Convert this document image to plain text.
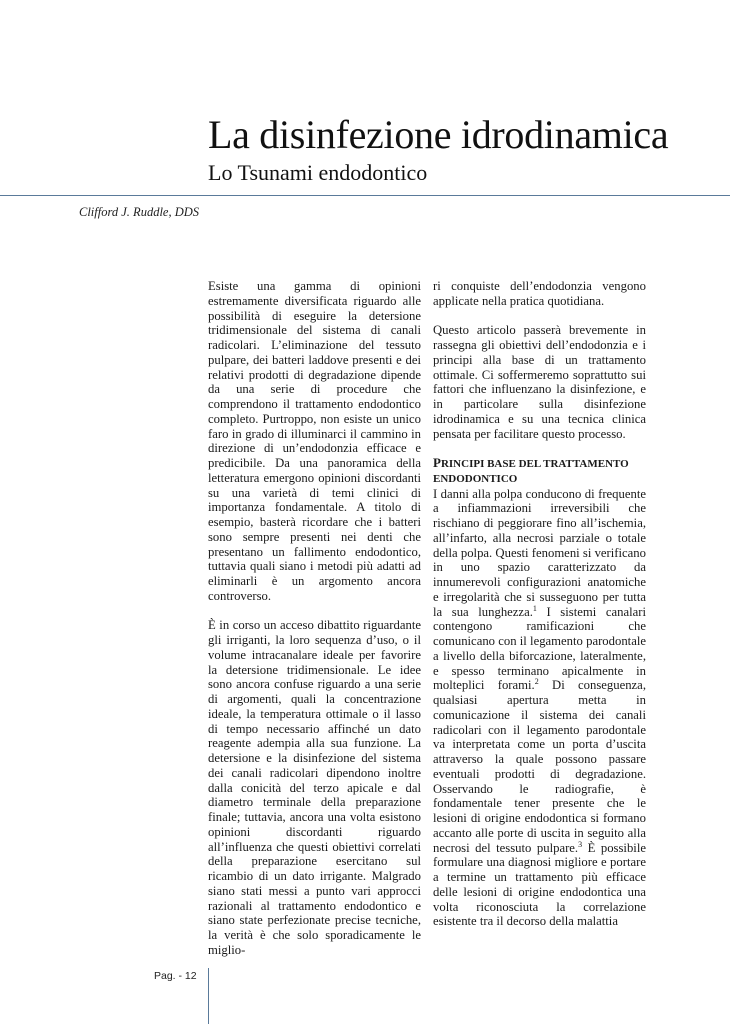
La disinfezione idrodinamica
Lo Tsunami endodontico
Clifford J. Ruddle, DDS

Esiste una gamma di opinioni estremamente diversificata riguardo alle possibilità di eseguire la detersione tridimensionale del sistema di canali radicolari. L’eliminazione del tessuto pulpare, dei batteri laddove presenti e dei relativi prodotti di degradazione dipende da una serie di procedure che comprendono il trattamento endodontico completo. Purtroppo, non esiste un unico faro in grado di illuminarci il cammino in direzione di un’endodonzia efficace e predicibile. Da una panoramica della letteratura emergono opinioni discordanti su una varietà di temi clinici di importanza fondamentale. A titolo di esempio, basterà ricordare che i batteri sono sempre presenti nei denti che presentano un fallimento endodontico, tuttavia quali siano i metodi più adatti ad eliminarli è un argomento ancora controverso.

È in corso un acceso dibattito riguardante gli irriganti, la loro sequenza d’uso, o il volume intracanalare ideale per favorire la detersione tridimensionale. Le idee sono ancora confuse riguardo a una serie di argomenti, quali la concentrazione ideale, la temperatura ottimale o il lasso di tempo necessario affinché un dato reagente adempia alla sua funzione. La detersione e la disinfezione del sistema dei canali radicolari dipendono inoltre dalla conicità del terzo apicale e dal diametro terminale della preparazione finale; tuttavia, ancora una volta esistono opinioni discordanti riguardo all’influenza che questi obiettivi correlati della preparazione esercitano sul ricambio di un dato irrigante. Malgrado siano stati messi a punto vari approcci razionali al trattamento endodontico e siano state perfezionate precise tecniche, la verità è che solo sporadicamente le miglio-

ri conquiste dell’endodonzia vengono applicate nella pratica quotidiana.

Questo articolo passerà brevemente in rassegna gli obiettivi dell’endodonzia e i principi alla base di un trattamento ottimale. Ci soffermeremo soprattutto sui fattori che influenzano la disinfezione, e in particolare sulla disinfezione idrodinamica e su una tecnica clinica pensata per facilitare questo processo.

PRINCIPI BASE DEL TRATTAMENTO ENDODONTICO

I danni alla polpa conducono di frequente a infiammazioni irreversibili che rischiano di peggiorare fino all’ischemia, all’infarto, alla necrosi parziale o totale della polpa. Questi fenomeni si verificano in uno spazio caratterizzato da innumerevoli configurazioni anatomiche e irregolarità che si susseguono per tutta la sua lunghezza.$^1$ I sistemi canalari contengono ramificazioni che comunicano con il legamento parodontale a livello della biforcazione, lateralmente, e spesso terminano apicalmente in molteplici forami.$^2$ Di conseguenza, qualsiasi apertura metta in comunicazione il sistema dei canali radicolari con il legamento parodontale va interpretata come un porta d’uscita attraverso la quale possono passare eventuali prodotti di degradazione. Osservando le radiografie, è fondamentale tener presente che le lesioni di origine endodontica si formano accanto alle porte di uscita in seguito alla necrosi del tessuto pulpare.$^3$ È possibile formulare una diagnosi migliore e portare a termine un trattamento più efficace delle lesioni di origine endodontica una volta riconosciuta la correlazione esistente tra il decorso della malattia

Pag. - 12
